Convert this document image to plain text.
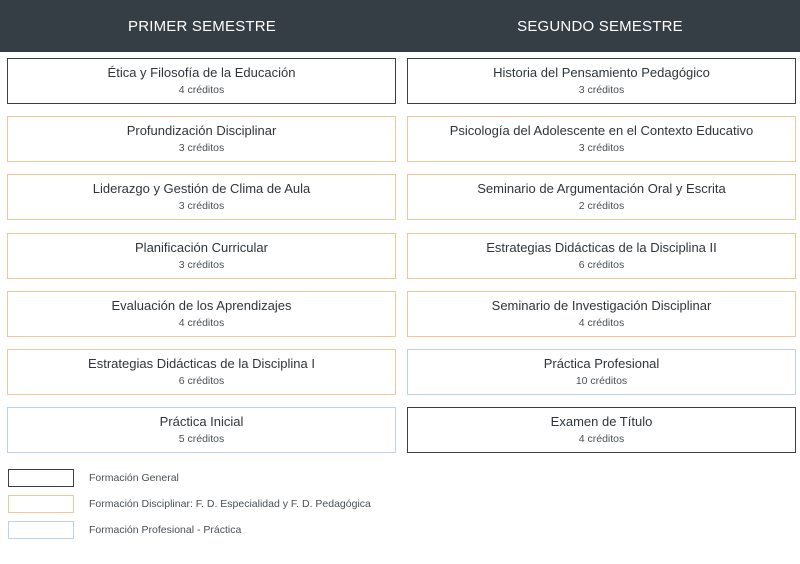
PRIMER SEMESTRE	SEGUNDO SEMESTRE
Ética y Filosofía de la Educación
4 créditos
Profundización Disciplinar
3 créditos
Liderazgo y Gestión de Clima de Aula
3 créditos
Planificación Curricular
3 créditos
Evaluación de los Aprendizajes
4 créditos
Estrategias Didácticas de la Disciplina I
6 créditos
Práctica Inicial
5 créditos
Historia del Pensamiento Pedagógico
3 créditos
Psicología del Adolescente en el Contexto Educativo
3 créditos
Seminario de Argumentación Oral y Escrita
2 créditos
Estrategias Didácticas de la Disciplina II
6 créditos
Seminario de Investigación Disciplinar
4 créditos
Práctica Profesional
10 créditos
Examen de Título
4 créditos
Formación General
Formación Disciplinar: F. D. Especialidad y F. D. Pedagógica
Formación Profesional - Práctica
